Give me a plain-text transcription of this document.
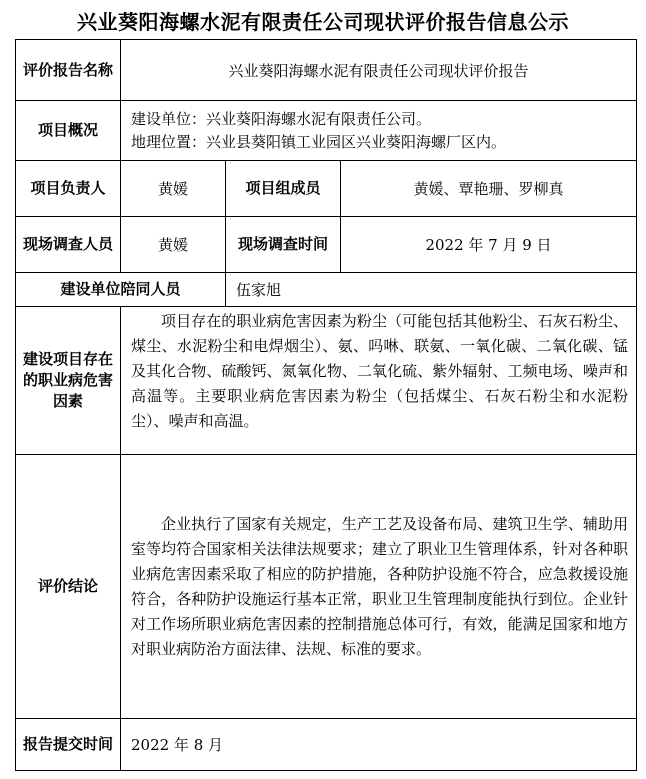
兴业葵阳海螺水泥有限责任公司现状评价报告信息公示
评价报告名称	兴业葵阳海螺水泥有限责任公司现状评价报告		
项目概况	建设单位：兴业葵阳海螺水泥有限责任公司。
地理位置：兴业县葵阳镇工业园区兴业葵阳海螺厂区内。		

项目负责人	黄媛	项目组成员	黄媛、覃艳珊、罗柳真
现场调查人员	黄媛	现场调查时间	2022 年 7 月 9 日
建设单位陪同人员		伍家旭	
建设项目存在的职业病危害因素	项目存在的职业病危害因素为粉尘（可能包括其他粉尘、石灰石粉尘、煤尘、水泥粉尘和电焊烟尘）、氨、吗啉、联氨、一氧化碳、二氧化碳、锰及其化合物、硫酸钙、氮氧化物、二氧化硫、紫外辐射、工频电场、噪声和高温等。主要职业病危害因素为粉尘（包括煤尘、石灰石粉尘和水泥粉尘）、噪声和高温。		
评价结论	企业执行了国家有关规定，生产工艺及设备布局、建筑卫生学、辅助用室等均符合国家相关法律法规要求；建立了职业卫生管理体系，针对各种职业病危害因素采取了相应的防护措施，各种防护设施不符合，应急救援设施符合，各种防护设施运行基本正常，职业卫生管理制度能执行到位。企业针对工作场所职业病危害因素的控制措施总体可行，有效，能满足国家和地方对职业病防治方面法律、法规、标准的要求。		
报告提交时间	2022 年 8 月		
